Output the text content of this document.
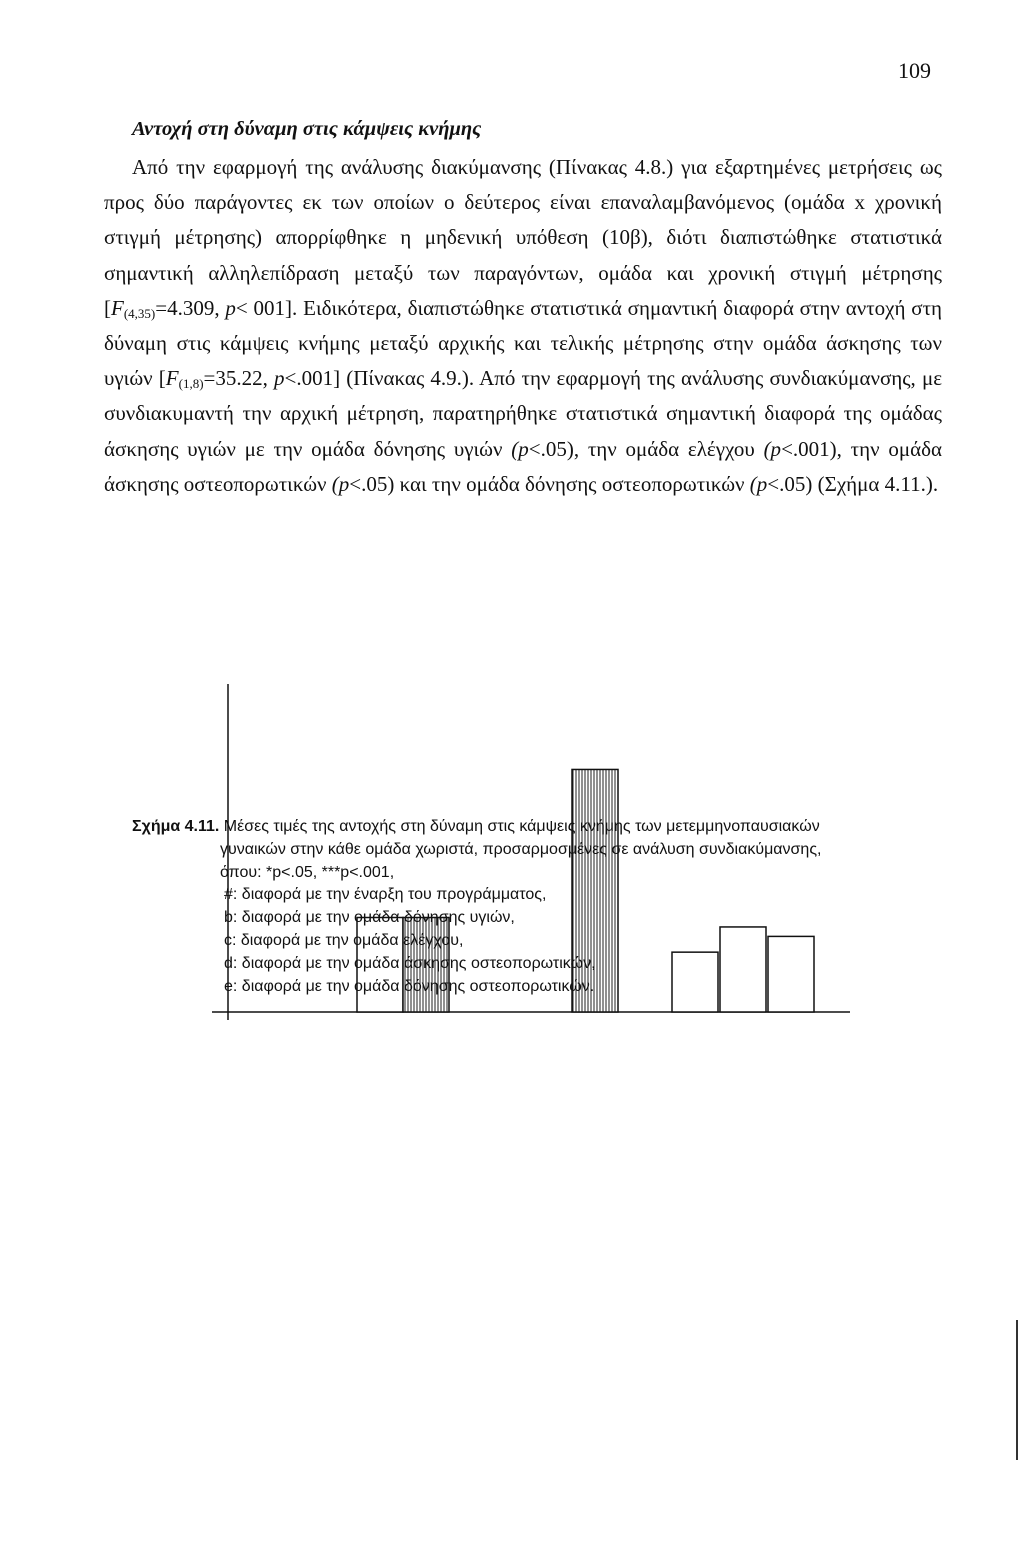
109
Αντοχή στη δύναμη στις κάμψεις κνήμης

Από την εφαρμογή της ανάλυσης διακύμανσης (Πίνακας 4.8.) για εξαρτημένες μετρήσεις ως προς δύο παράγοντες εκ των οποίων ο δεύτερος είναι επαναλαμβανόμενος (ομάδα x χρονική στιγμή μέτρησης) απορρίφθηκε η μηδενική υπόθεση (10β), διότι διαπιστώθηκε στατιστικά σημαντική αλληλεπίδραση μεταξύ των παραγόντων, ομάδα και χρονική στιγμή μέτρησης [$F_{(4,35)}=4.309$, p< 001]. Ειδικότερα, διαπιστώθηκε στατιστικά σημαντική διαφορά στην αντοχή στη δύναμη στις κάμψεις κνήμης μεταξύ αρχικής και τελικής μέτρησης στην ομάδα άσκησης των υγιών [$F_{(1,8)}=35.22$, p<.001] (Πίνακας 4.9.). Από την εφαρμογή της ανάλυσης συνδιακύμανσης, με συνδιακυμαντή την αρχική μέτρηση, παρατηρήθηκε στατιστικά σημαντική διαφορά της ομάδας άσκησης υγιών με την ομάδα δόνησης υγιών (p<.05), την ομάδα ελέγχου (p<.001), την ομάδα άσκησης οστεοπορωτικών (p<.05) και την ομάδα δόνησης οστεοπορωτικών (p<.05) (Σχήμα 4.11.).

Σχήμα 4.11. Μέσες τιμές της αντοχής στη δύναμη στις κάμψεις κνήμης των μετεμμηνοπαυσιακών
γυναικών στην κάθε ομάδα χωριστά, προσαρμοσμένες σε ανάλυση συνδιακύμανσης,
όπου: *p<.05, ***p<.001,
#: διαφορά με την έναρξη του προγράμματος,
b: διαφορά με την ομάδα δόνησης υγιών,
c: διαφορά με την ομάδα ελέγχου,
d: διαφορά με την ομάδα άσκησης οστεοπορωτικών,
e: διαφορά με την ομάδα δόνησης οστεοπορωτικών.
